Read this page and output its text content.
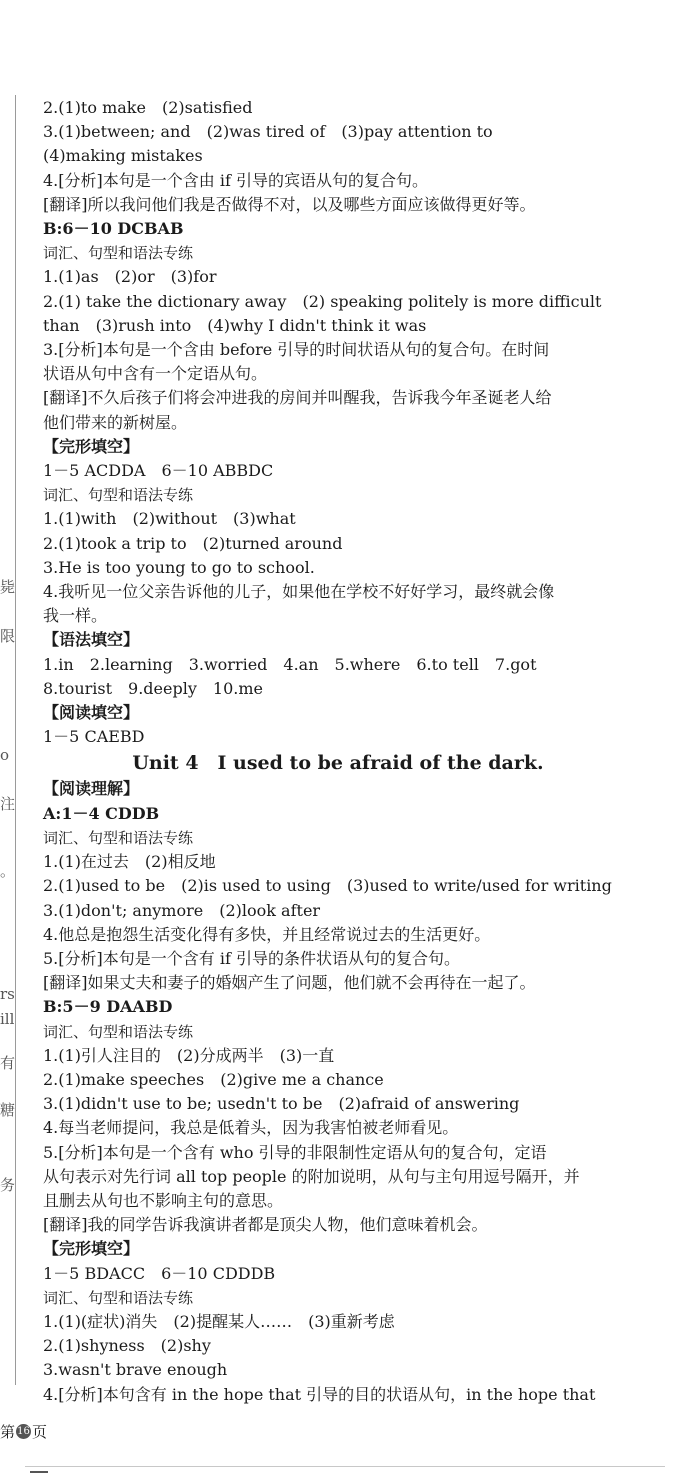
毙
限
o
注
。
rs
ill
有
糖
务
2.(1)to make　(2)satisfied
3.(1)between; and　(2)was tired of　(3)pay attention to
(4)making mistakes
4.[分析]本句是一个含由 if 引导的宾语从句的复合句。
[翻译]所以我问他们我是否做得不对，以及哪些方面应该做得更好等。
B:6－10 DCBAB
词汇、句型和语法专练
1.(1)as　(2)or　(3)for
2.(1) take the dictionary away　(2) speaking politely is more difficult
than　(3)rush into　(4)why I didn't think it was
3.[分析]本句是一个含由 before 引导的时间状语从句的复合句。在时间
状语从句中含有一个定语从句。
[翻译]不久后孩子们将会冲进我的房间并叫醒我，告诉我今年圣诞老人给
他们带来的新树屋。
【完形填空】
1－5 ACDDA　6－10 ABBDC
词汇、句型和语法专练
1.(1)with　(2)without　(3)what
2.(1)took a trip to　(2)turned around
3.He is too young to go to school.
4.我听见一位父亲告诉他的儿子，如果他在学校不好好学习，最终就会像
我一样。
【语法填空】
1.in　2.learning　3.worried　4.an　5.where　6.to tell　7.got
8.tourist　9.deeply　10.me
【阅读填空】
1－5 CAEBD
Unit 4　I used to be afraid of the dark.
【阅读理解】
A:1－4 CDDB
词汇、句型和语法专练
1.(1)在过去　(2)相反地
2.(1)used to be　(2)is used to using　(3)used to write/used for writing
3.(1)don't; anymore　(2)look after
4.他总是抱怨生活变化得有多快，并且经常说过去的生活更好。
5.[分析]本句是一个含有 if 引导的条件状语从句的复合句。
[翻译]如果丈夫和妻子的婚姻产生了问题，他们就不会再待在一起了。
B:5－9 DAABD
词汇、句型和语法专练
1.(1)引人注目的　(2)分成两半　(3)一直
2.(1)make speeches　(2)give me a chance
3.(1)didn't use to be; usedn't to be　(2)afraid of answering
4.每当老师提问，我总是低着头，因为我害怕被老师看见。
5.[分析]本句是一个含有 who 引导的非限制性定语从句的复合句，定语
从句表示对先行词 all top people 的附加说明，从句与主句用逗号隔开，并
且删去从句也不影响主句的意思。
[翻译]我的同学告诉我演讲者都是顶尖人物，他们意味着机会。
【完形填空】
1－5 BDACC　6－10 CDDDB
词汇、句型和语法专练
1.(1)(症状)消失　(2)提醒某人……　(3)重新考虑
2.(1)shyness　(2)shy
3.wasn't brave enough
4.[分析]本句含有 in the hope that 引导的目的状语从句，in the hope that
第 16 页
